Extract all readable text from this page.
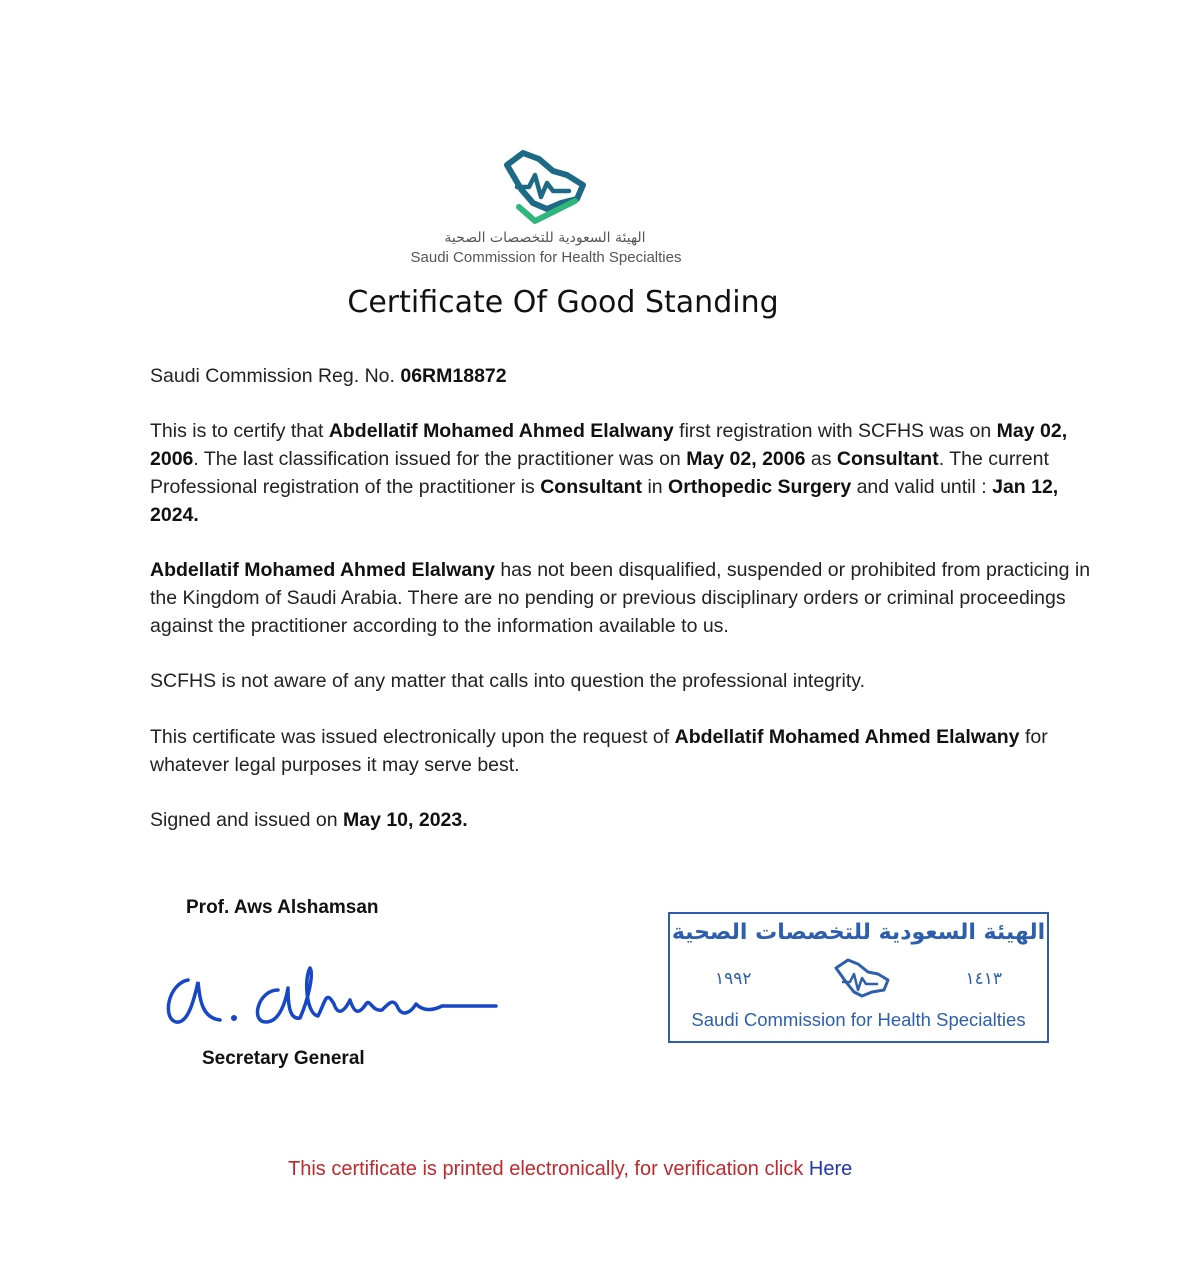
الهيئة السعودية للتخصصات الصحية
Saudi Commission for Health Specialties
Certificate Of Good Standing

Saudi Commission Reg. No. 06RM18872

This is to certify that Abdellatif Mohamed Ahmed Elalwany first registration with SCFHS was on May 02, 2006. The last classification issued for the practitioner was on May 02, 2006 as Consultant. The current Professional registration of the practitioner is Consultant in Orthopedic Surgery and valid until : Jan 12, 2024.

Abdellatif Mohamed Ahmed Elalwany has not been disqualified, suspended or prohibited from practicing in the Kingdom of Saudi Arabia. There are no pending or previous disciplinary orders or criminal proceedings against the practitioner according to the information available to us.

SCFHS is not aware of any matter that calls into question the professional integrity.

This certificate was issued electronically upon the request of Abdellatif Mohamed Ahmed Elalwany for whatever legal purposes it may serve best.

Signed and issued on May 10, 2023.

Prof. Aws Alshamsan
Secretary General
الهيئة السعودية للتخصصات الصحية
١٩٩٢	١٤١٣
Saudi Commission for Health Specialties
This certificate is printed electronically, for verification click Here
